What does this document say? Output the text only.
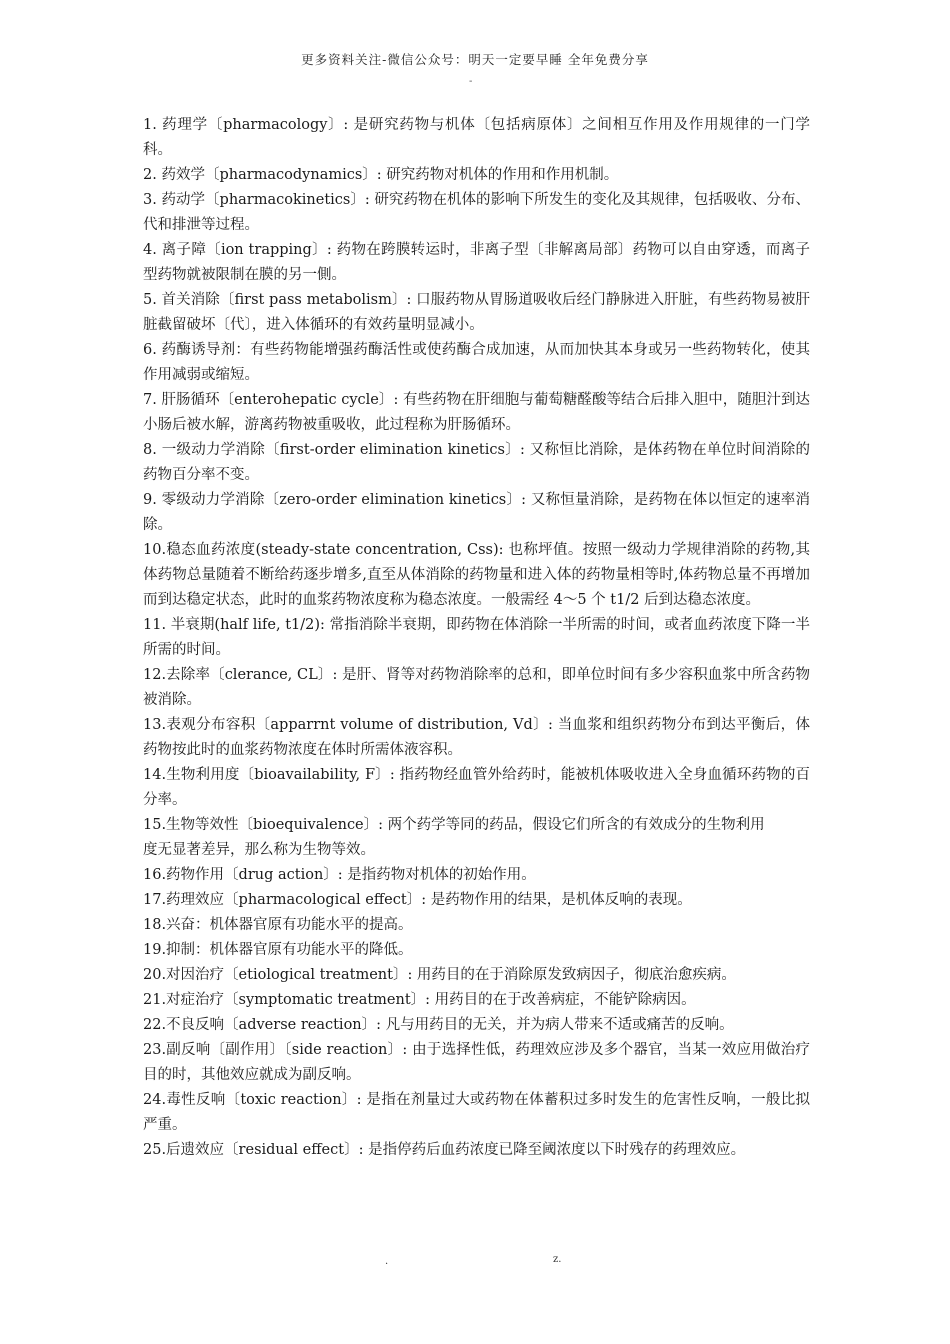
更多资料关注-微信公众号：明天一定要早睡 全年免费分享
-

1. 药理学〔pharmacology〕: 是研究药物与机体〔包括病原体〕之间相互作用及作用规律的一门学科。

2. 药效学〔pharmacodynamics〕: 研究药物对机体的作用和作用机制。

3. 药动学〔pharmacokinetics〕: 研究药物在机体的影响下所发生的变化及其规律，包括吸收、分布、代和排泄等过程。

4. 离子障〔ion trapping〕: 药物在跨膜转运时，非离子型〔非解离局部〕药物可以自由穿透，而离子型药物就被限制在膜的另一側。

5. 首关消除〔first pass metabolism〕: 口服药物从胃肠道吸收后经门静脉进入肝脏，有些药物易被肝脏截留破坏〔代〕，进入体循环的有效药量明显减小。

6. 药酶诱导剂：有些药物能增强药酶活性或使药酶合成加速，从而加快其本身或另一些药物转化，使其作用减弱或缩短。

7. 肝肠循环〔enterohepatic cycle〕: 有些药物在肝细胞与葡萄糖醛酸等结合后排入胆中，随胆汁到达小肠后被水解，游离药物被重吸收，此过程称为肝肠循环。

8. 一级动力学消除〔first-order elimination kinetics〕: 又称恒比消除，是体药物在单位时间消除的药物百分率不变。

9. 零级动力学消除〔zero-order elimination kinetics〕: 又称恒量消除，是药物在体以恒定的速率消除。

10.稳态血药浓度(steady-state concentration, Css): 也称坪值。按照一级动力学规律消除的药物,其体药物总量随着不断给药逐步增多,直至从体消除的药物量和进入体的药物量相等时,体药物总量不再增加而到达稳定状态，此时的血浆药物浓度称为稳态浓度。一般需经 4～5 个 t1/2 后到达稳态浓度。

11. 半衰期(half life, t1/2): 常指消除半衰期，即药物在体消除一半所需的时间，或者血药浓度下降一半所需的时间。

12.去除率〔clerance, CL〕: 是肝、肾等对药物消除率的总和，即单位时间有多少容积血浆中所含药物被消除。

13.表观分布容积〔apparrnt volume of distribution, Vd〕: 当血浆和组织药物分布到达平衡后，体药物按此时的血浆药物浓度在体时所需体液容积。

14.生物利用度〔bioavailability, F〕: 指药物经血管外给药时，能被机体吸收进入全身血循环药物的百分率。

15.生物等效性〔bioequivalence〕: 两个药学等同的药品，假设它们所含的有效成分的生物利用

度无显著差异，那么称为生物等效。

16.药物作用〔drug action〕: 是指药物对机体的初始作用。

17.药理效应〔pharmacological effect〕: 是药物作用的结果，是机体反响的表现。

18.兴奋：机体器官原有功能水平的提高。

19.抑制：机体器官原有功能水平的降低。

20.对因治疗〔etiological treatment〕: 用药目的在于消除原发致病因子，彻底治愈疾病。

21.对症治疗〔symptomatic treatment〕: 用药目的在于改善病症，不能铲除病因。

22.不良反响〔adverse reaction〕: 凡与用药目的无关，并为病人带来不适或痛苦的反响。

23.副反响〔副作用〕〔side reaction〕: 由于选择性低，药理效应涉及多个器官，当某一效应用做治疗目的时，其他效应就成为副反响。

24.毒性反响〔toxic reaction〕: 是指在剂量过大或药物在体蓄积过多时发生的危害性反响，一般比拟严重。

25.后遗效应〔residual effect〕: 是指停药后血药浓度已降至阈浓度以下时残存的药理效应。

.	z.
